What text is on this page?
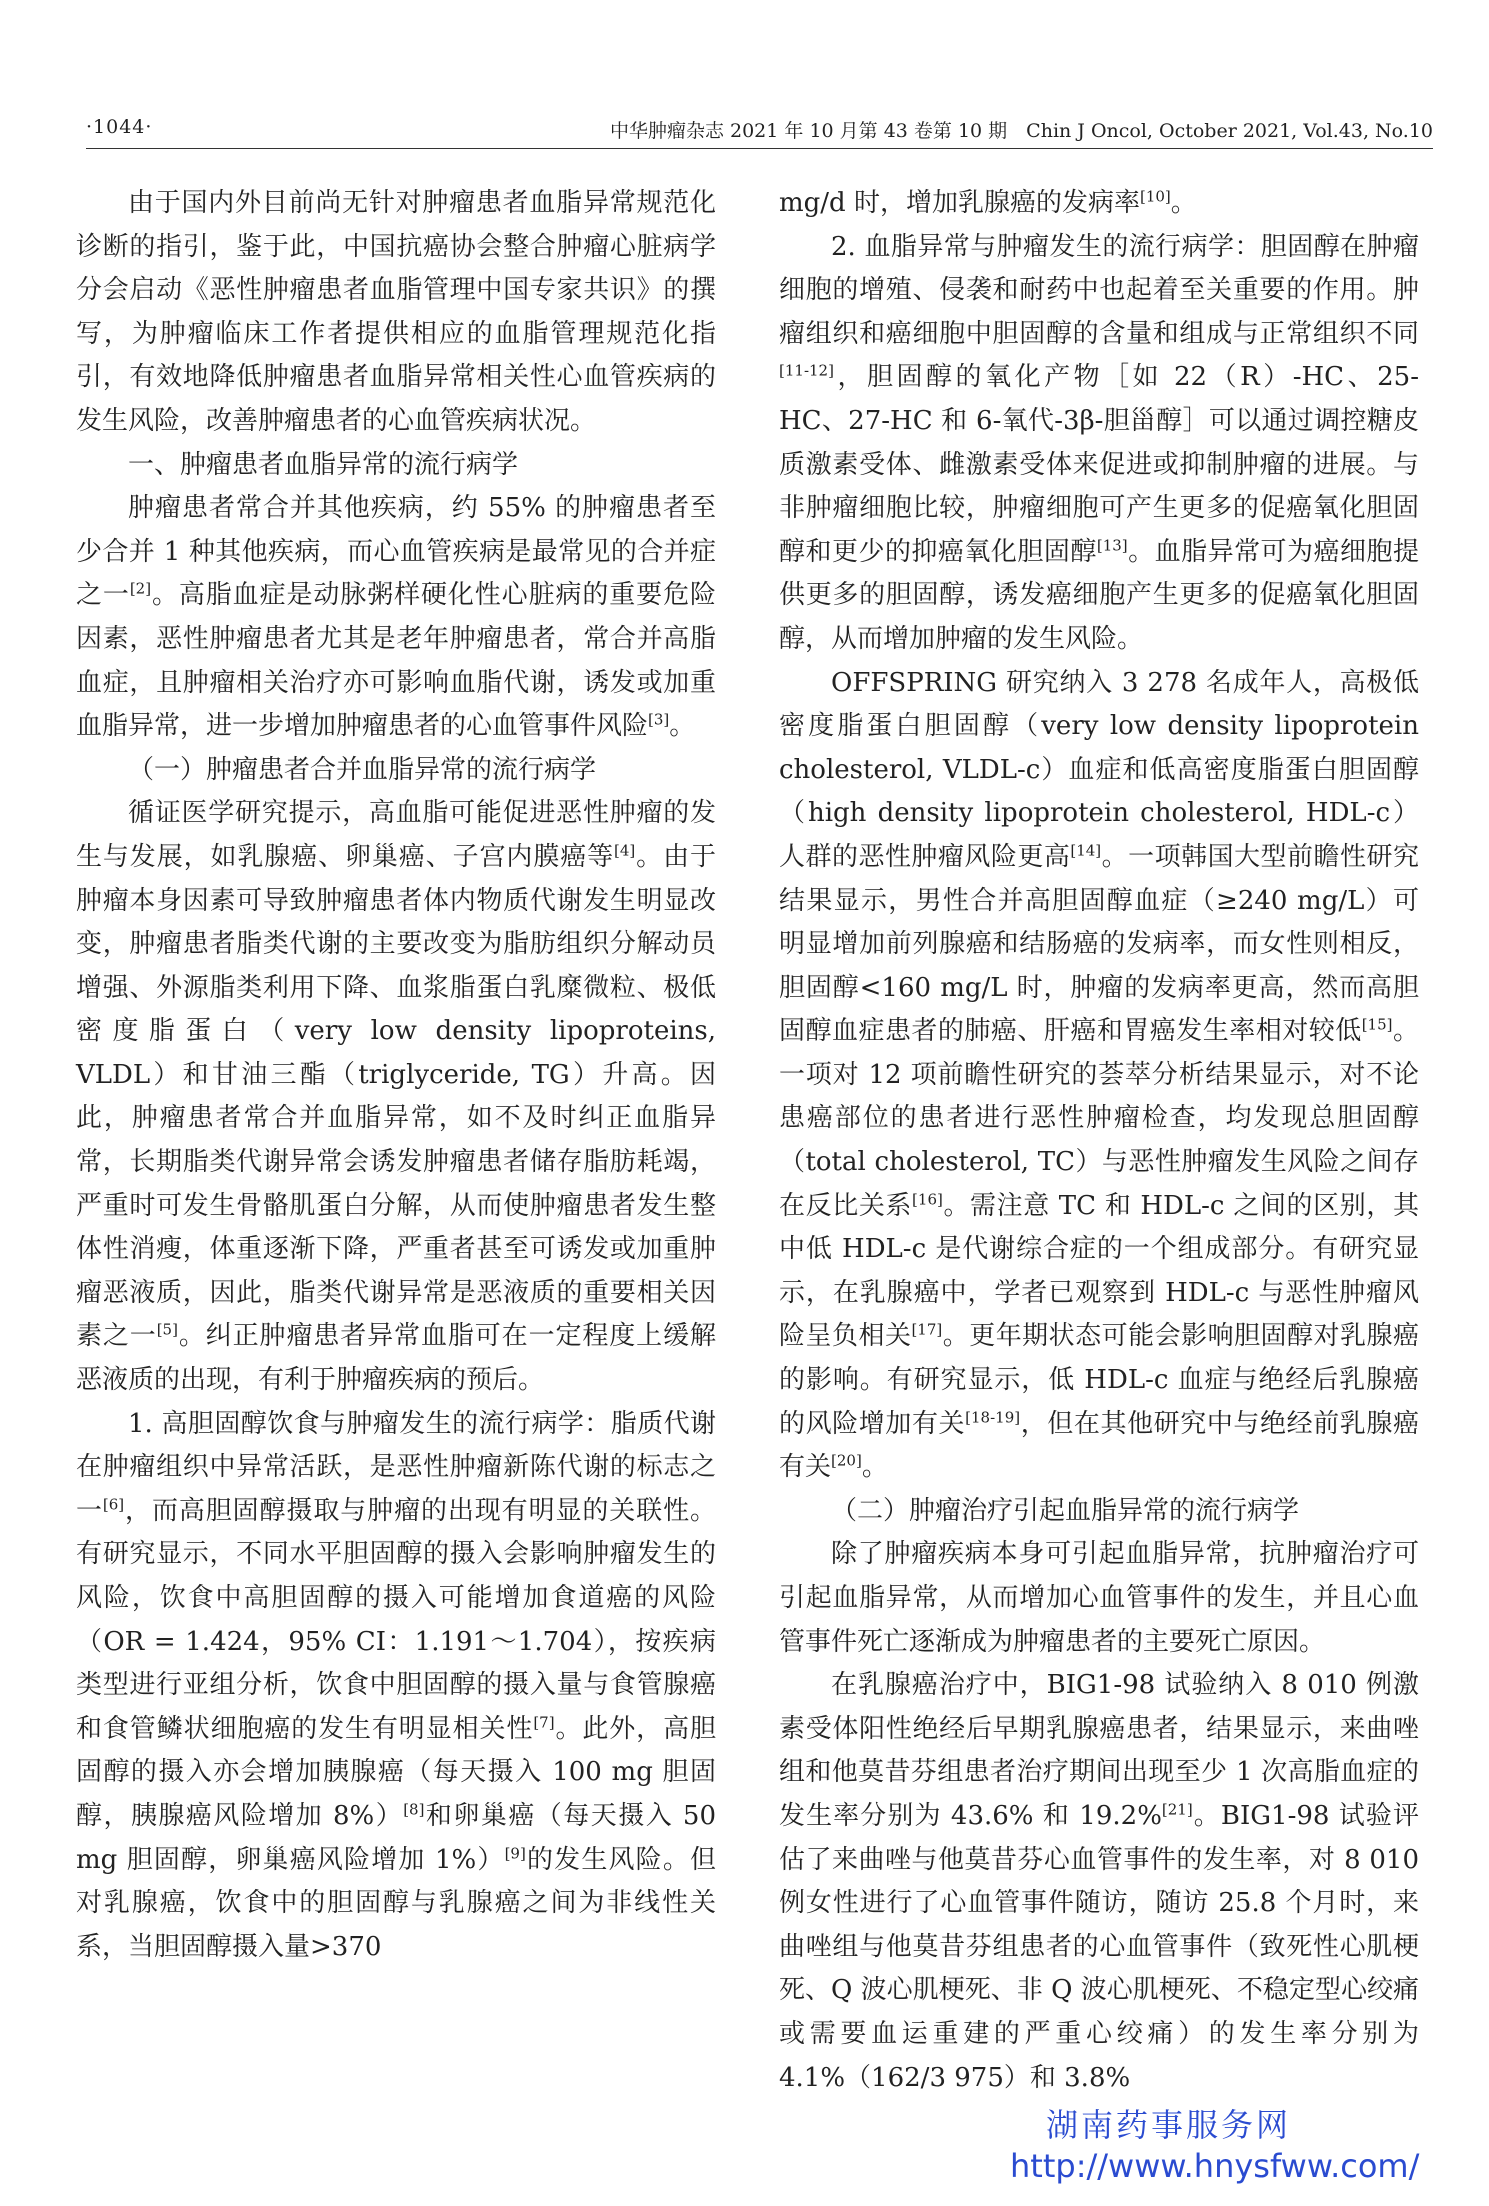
·1044·	中华肿瘤杂志 2021 年 10 月第 43 卷第 10 期　Chin J Oncol, October 2021, Vol.43, No.10

由于国内外目前尚无针对肿瘤患者血脂异常规范化诊断的指引，鉴于此，中国抗癌协会整合肿瘤心脏病学分会启动《恶性肿瘤患者血脂管理中国专家共识》的撰写，为肿瘤临床工作者提供相应的血脂管理规范化指引，有效地降低肿瘤患者血脂异常相关性心血管疾病的发生风险，改善肿瘤患者的心血管疾病状况。

一、肿瘤患者血脂异常的流行病学

肿瘤患者常合并其他疾病，约 55% 的肿瘤患者至少合并 1 种其他疾病，而心血管疾病是最常见的合并症之一[2]。高脂血症是动脉粥样硬化性心脏病的重要危险因素，恶性肿瘤患者尤其是老年肿瘤患者，常合并高脂血症，且肿瘤相关治疗亦可影响血脂代谢，诱发或加重血脂异常，进一步增加肿瘤患者的心血管事件风险[3]。

（一）肿瘤患者合并血脂异常的流行病学

循证医学研究提示，高血脂可能促进恶性肿瘤的发生与发展，如乳腺癌、卵巢癌、子宫内膜癌等[4]。由于肿瘤本身因素可导致肿瘤患者体内物质代谢发生明显改变，肿瘤患者脂类代谢的主要改变为脂肪组织分解动员增强、外源脂类利用下降、血浆脂蛋白乳糜微粒、极低密度脂蛋白（very low density lipoproteins, VLDL）和甘油三酯（triglyceride, TG）升高。因此，肿瘤患者常合并血脂异常，如不及时纠正血脂异常，长期脂类代谢异常会诱发肿瘤患者储存脂肪耗竭，严重时可发生骨骼肌蛋白分解，从而使肿瘤患者发生整体性消瘦，体重逐渐下降，严重者甚至可诱发或加重肿瘤恶液质，因此，脂类代谢异常是恶液质的重要相关因素之一[5]。纠正肿瘤患者异常血脂可在一定程度上缓解恶液质的出现，有利于肿瘤疾病的预后。

1. 高胆固醇饮食与肿瘤发生的流行病学：脂质代谢在肿瘤组织中异常活跃，是恶性肿瘤新陈代谢的标志之一[6]，而高胆固醇摄取与肿瘤的出现有明显的关联性。有研究显示，不同水平胆固醇的摄入会影响肿瘤发生的风险，饮食中高胆固醇的摄入可能增加食道癌的风险（OR = 1.424，95% CI：1.191～1.704），按疾病类型进行亚组分析，饮食中胆固醇的摄入量与食管腺癌和食管鳞状细胞癌的发生有明显相关性[7]。此外，高胆固醇的摄入亦会增加胰腺癌（每天摄入 100 mg 胆固醇，胰腺癌风险增加 8%）[8]和卵巢癌（每天摄入 50 mg 胆固醇，卵巢癌风险增加 1%）[9]的发生风险。但对乳腺癌，饮食中的胆固醇与乳腺癌之间为非线性关系，当胆固醇摄入量>370

mg/d 时，增加乳腺癌的发病率[10]。

2. 血脂异常与肿瘤发生的流行病学：胆固醇在肿瘤细胞的增殖、侵袭和耐药中也起着至关重要的作用。肿瘤组织和癌细胞中胆固醇的含量和组成与正常组织不同[11-12]，胆固醇的氧化产物［如 22（R）-HC、25-HC、27-HC 和 6-氧代-3β-胆甾醇］可以通过调控糖皮质激素受体、雌激素受体来促进或抑制肿瘤的进展。与非肿瘤细胞比较，肿瘤细胞可产生更多的促癌氧化胆固醇和更少的抑癌氧化胆固醇[13]。血脂异常可为癌细胞提供更多的胆固醇，诱发癌细胞产生更多的促癌氧化胆固醇，从而增加肿瘤的发生风险。

OFFSPRING 研究纳入 3 278 名成年人，高极低密度脂蛋白胆固醇（very low density lipoprotein cholesterol, VLDL-c）血症和低高密度脂蛋白胆固醇（high density lipoprotein cholesterol, HDL-c）人群的恶性肿瘤风险更高[14]。一项韩国大型前瞻性研究结果显示，男性合并高胆固醇血症（≥240 mg/L）可明显增加前列腺癌和结肠癌的发病率，而女性则相反，胆固醇<160 mg/L 时，肿瘤的发病率更高，然而高胆固醇血症患者的肺癌、肝癌和胃癌发生率相对较低[15]。一项对 12 项前瞻性研究的荟萃分析结果显示，对不论患癌部位的患者进行恶性肿瘤检查，均发现总胆固醇（total cholesterol, TC）与恶性肿瘤发生风险之间存在反比关系[16]。需注意 TC 和 HDL-c 之间的区别，其中低 HDL-c 是代谢综合症的一个组成部分。有研究显示，在乳腺癌中，学者已观察到 HDL-c 与恶性肿瘤风险呈负相关[17]。更年期状态可能会影响胆固醇对乳腺癌的影响。有研究显示，低 HDL-c 血症与绝经后乳腺癌的风险增加有关[18-19]，但在其他研究中与绝经前乳腺癌有关[20]。

（二）肿瘤治疗引起血脂异常的流行病学

除了肿瘤疾病本身可引起血脂异常，抗肿瘤治疗可引起血脂异常，从而增加心血管事件的发生，并且心血管事件死亡逐渐成为肿瘤患者的主要死亡原因。

在乳腺癌治疗中，BIG1-98 试验纳入 8 010 例激素受体阳性绝经后早期乳腺癌患者，结果显示，来曲唑组和他莫昔芬组患者治疗期间出现至少 1 次高脂血症的发生率分别为 43.6% 和 19.2%[21]。BIG1-98 试验评估了来曲唑与他莫昔芬心血管事件的发生率，对 8 010 例女性进行了心血管事件随访，随访 25.8 个月时，来曲唑组与他莫昔芬组患者的心血管事件（致死性心肌梗死、Q 波心肌梗死、非 Q 波心肌梗死、不稳定型心绞痛或需要血运重建的严重心绞痛）的发生率分别为 4.1%（162/3 975）和 3.8%

湖南药事服务网
http://www.hnysfww.com/
